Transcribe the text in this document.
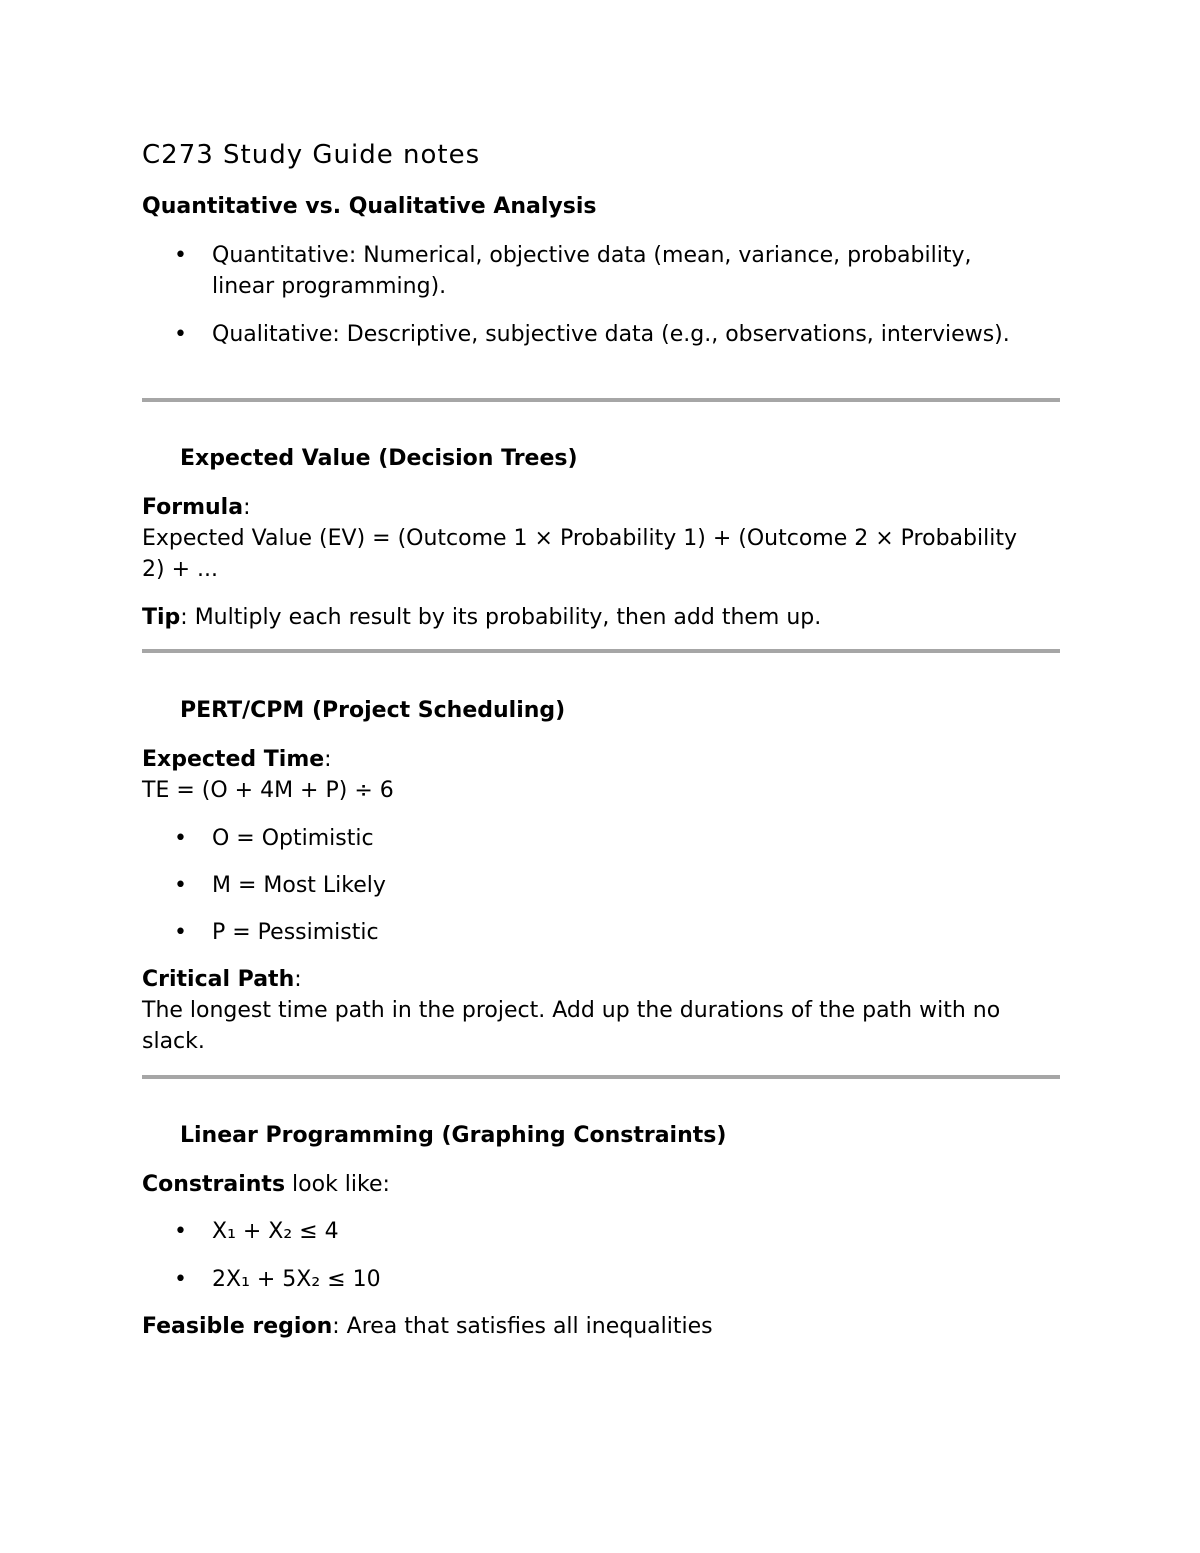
C273 Study Guide notes
Quantitative vs. Qualitative Analysis
• Quantitative: Numerical, objective data (mean, variance, probability, linear programming).
• Qualitative: Descriptive, subjective data (e.g., observations, interviews).
Expected Value (Decision Trees)
Formula:
Expected Value (EV) = (Outcome 1 × Probability 1) + (Outcome 2 × Probability 2) + ...
Tip: Multiply each result by its probability, then add them up.
PERT/CPM (Project Scheduling)
Expected Time:
TE = (O + 4M + P) ÷ 6
• O = Optimistic
• M = Most Likely
• P = Pessimistic
Critical Path:
The longest time path in the project. Add up the durations of the path with no slack.
Linear Programming (Graphing Constraints)
Constraints look like:
• X₁ + X₂ ≤ 4
• 2X₁ + 5X₂ ≤ 10
Feasible region: Area that satisfies all inequalities
